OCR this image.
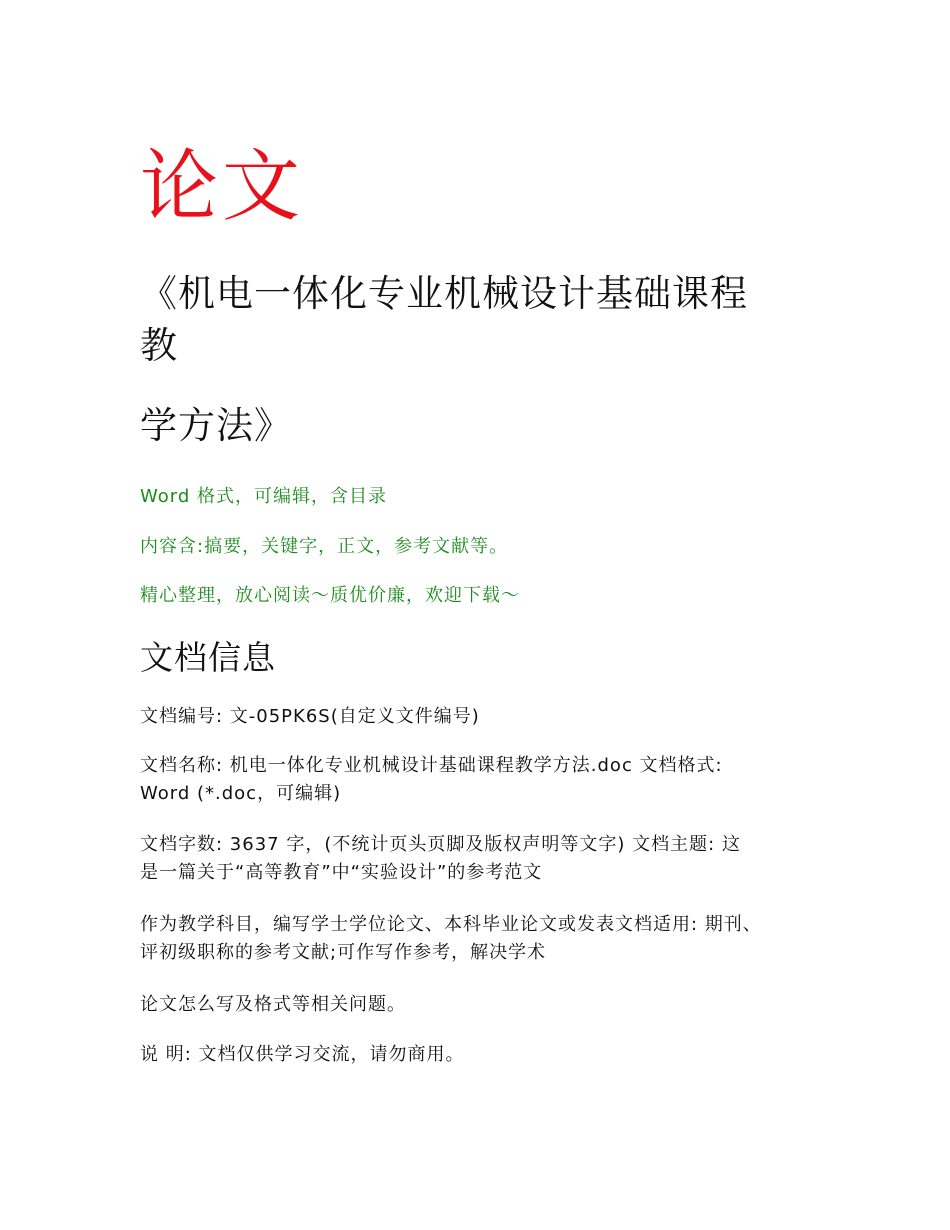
论文
《机电一体化专业机械设计基础课程
教
学方法》
Word 格式，可编辑，含目录
内容含:搞要，关键字，正文，参考文献等。
精心整理，放心阅读～质优价廉，欢迎下载～
文档信息
文档编号: 文-05PK6S(自定义文件编号)
文档名称: 机电一体化专业机械设计基础课程教学方法.doc 文档格式:
Word (*.doc，可编辑)
文档字数: 3637 字，(不统计页头页脚及版权声明等文字) 文档主题: 这
是一篇关于“高等教育”中“实验设计”的参考范文
作为教学科目，编写学士学位论文、本科毕业论文或发表文档适用: 期刊、
评初级职称的参考文献;可作写作参考，解决学术
论文怎么写及格式等相关问题。
说 明: 文档仅供学习交流，请勿商用。
